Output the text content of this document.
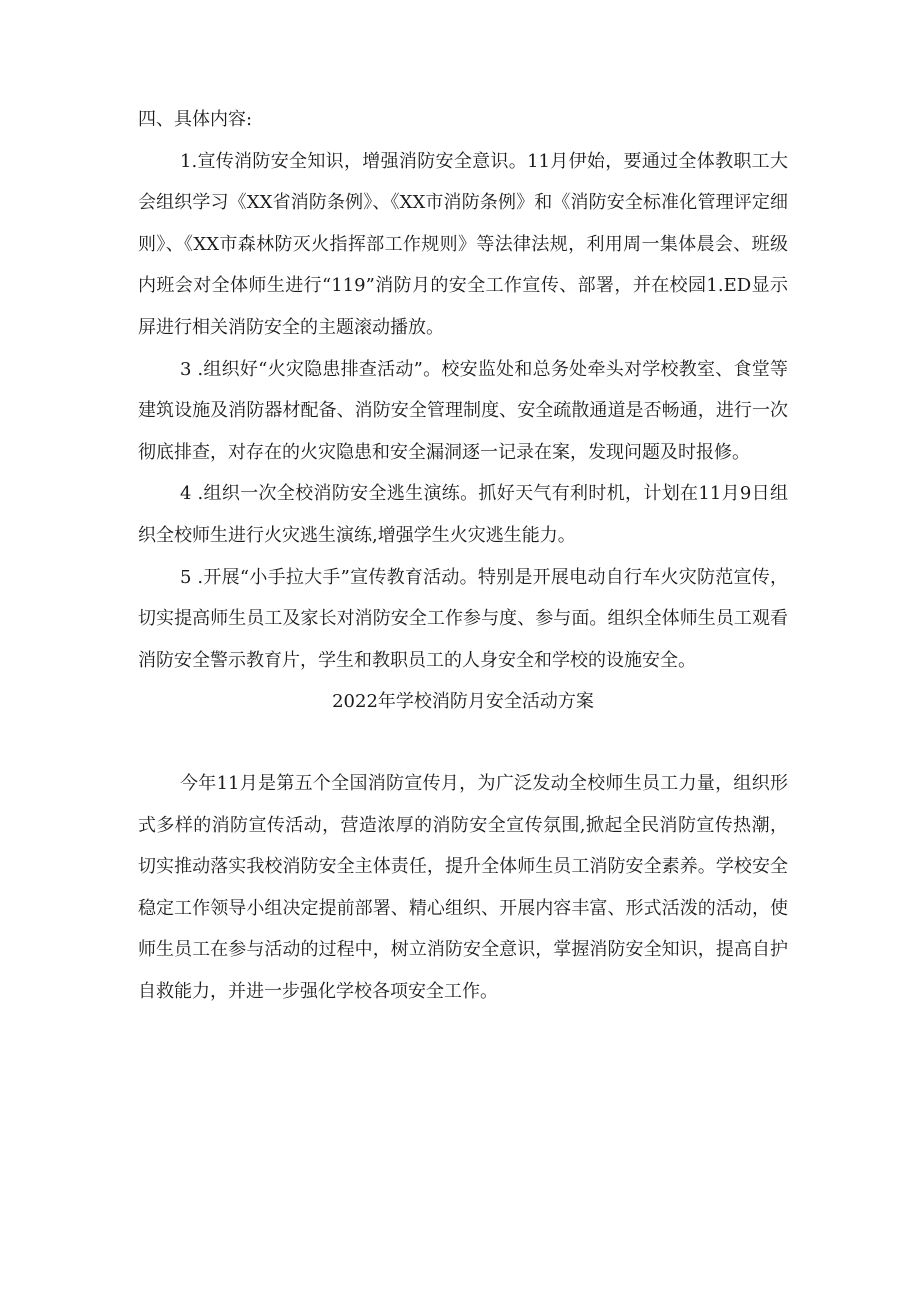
四、具体内容:

1.宣传消防安全知识，增强消防安全意识。11月伊始，要通过全体教职工大会组织学习《XX省消防条例》、《XX市消防条例》和《消防安全标准化管理评定细则》、《XX市森林防灭火指挥部工作规则》等法律法规，利用周一集体晨会、班级内班会对全体师生进行“119”消防月的安全工作宣传、部署，并在校园1.ED显示屏进行相关消防安全的主题滚动播放。

3 .组织好“火灾隐患排查活动”。校安监处和总务处牵头对学校教室、食堂等建筑设施及消防器材配备、消防安全管理制度、安全疏散通道是否畅通，进行一次彻底排查，对存在的火灾隐患和安全漏洞逐一记录在案，发现问题及时报修。

4 .组织一次全校消防安全逃生演练。抓好天气有利时机，计划在11月9日组织全校师生进行火灾逃生演练,增强学生火灾逃生能力。

5 .开展“小手拉大手”宣传教育活动。特别是开展电动自行车火灾防范宣传，切实提高师生员工及家长对消防安全工作参与度、参与面。组织全体师生员工观看消防安全警示教育片，学生和教职员工的人身安全和学校的设施安全。

2022年学校消防月安全活动方案

今年11月是第五个全国消防宣传月，为广泛发动全校师生员工力量，组织形式多样的消防宣传活动，营造浓厚的消防安全宣传氛围,掀起全民消防宣传热潮，切实推动落实我校消防安全主体责任，提升全体师生员工消防安全素养。学校安全稳定工作领导小组决定提前部署、精心组织、开展内容丰富、形式活泼的活动，使师生员工在参与活动的过程中，树立消防安全意识，掌握消防安全知识，提高自护自救能力，并进一步强化学校各项安全工作。
